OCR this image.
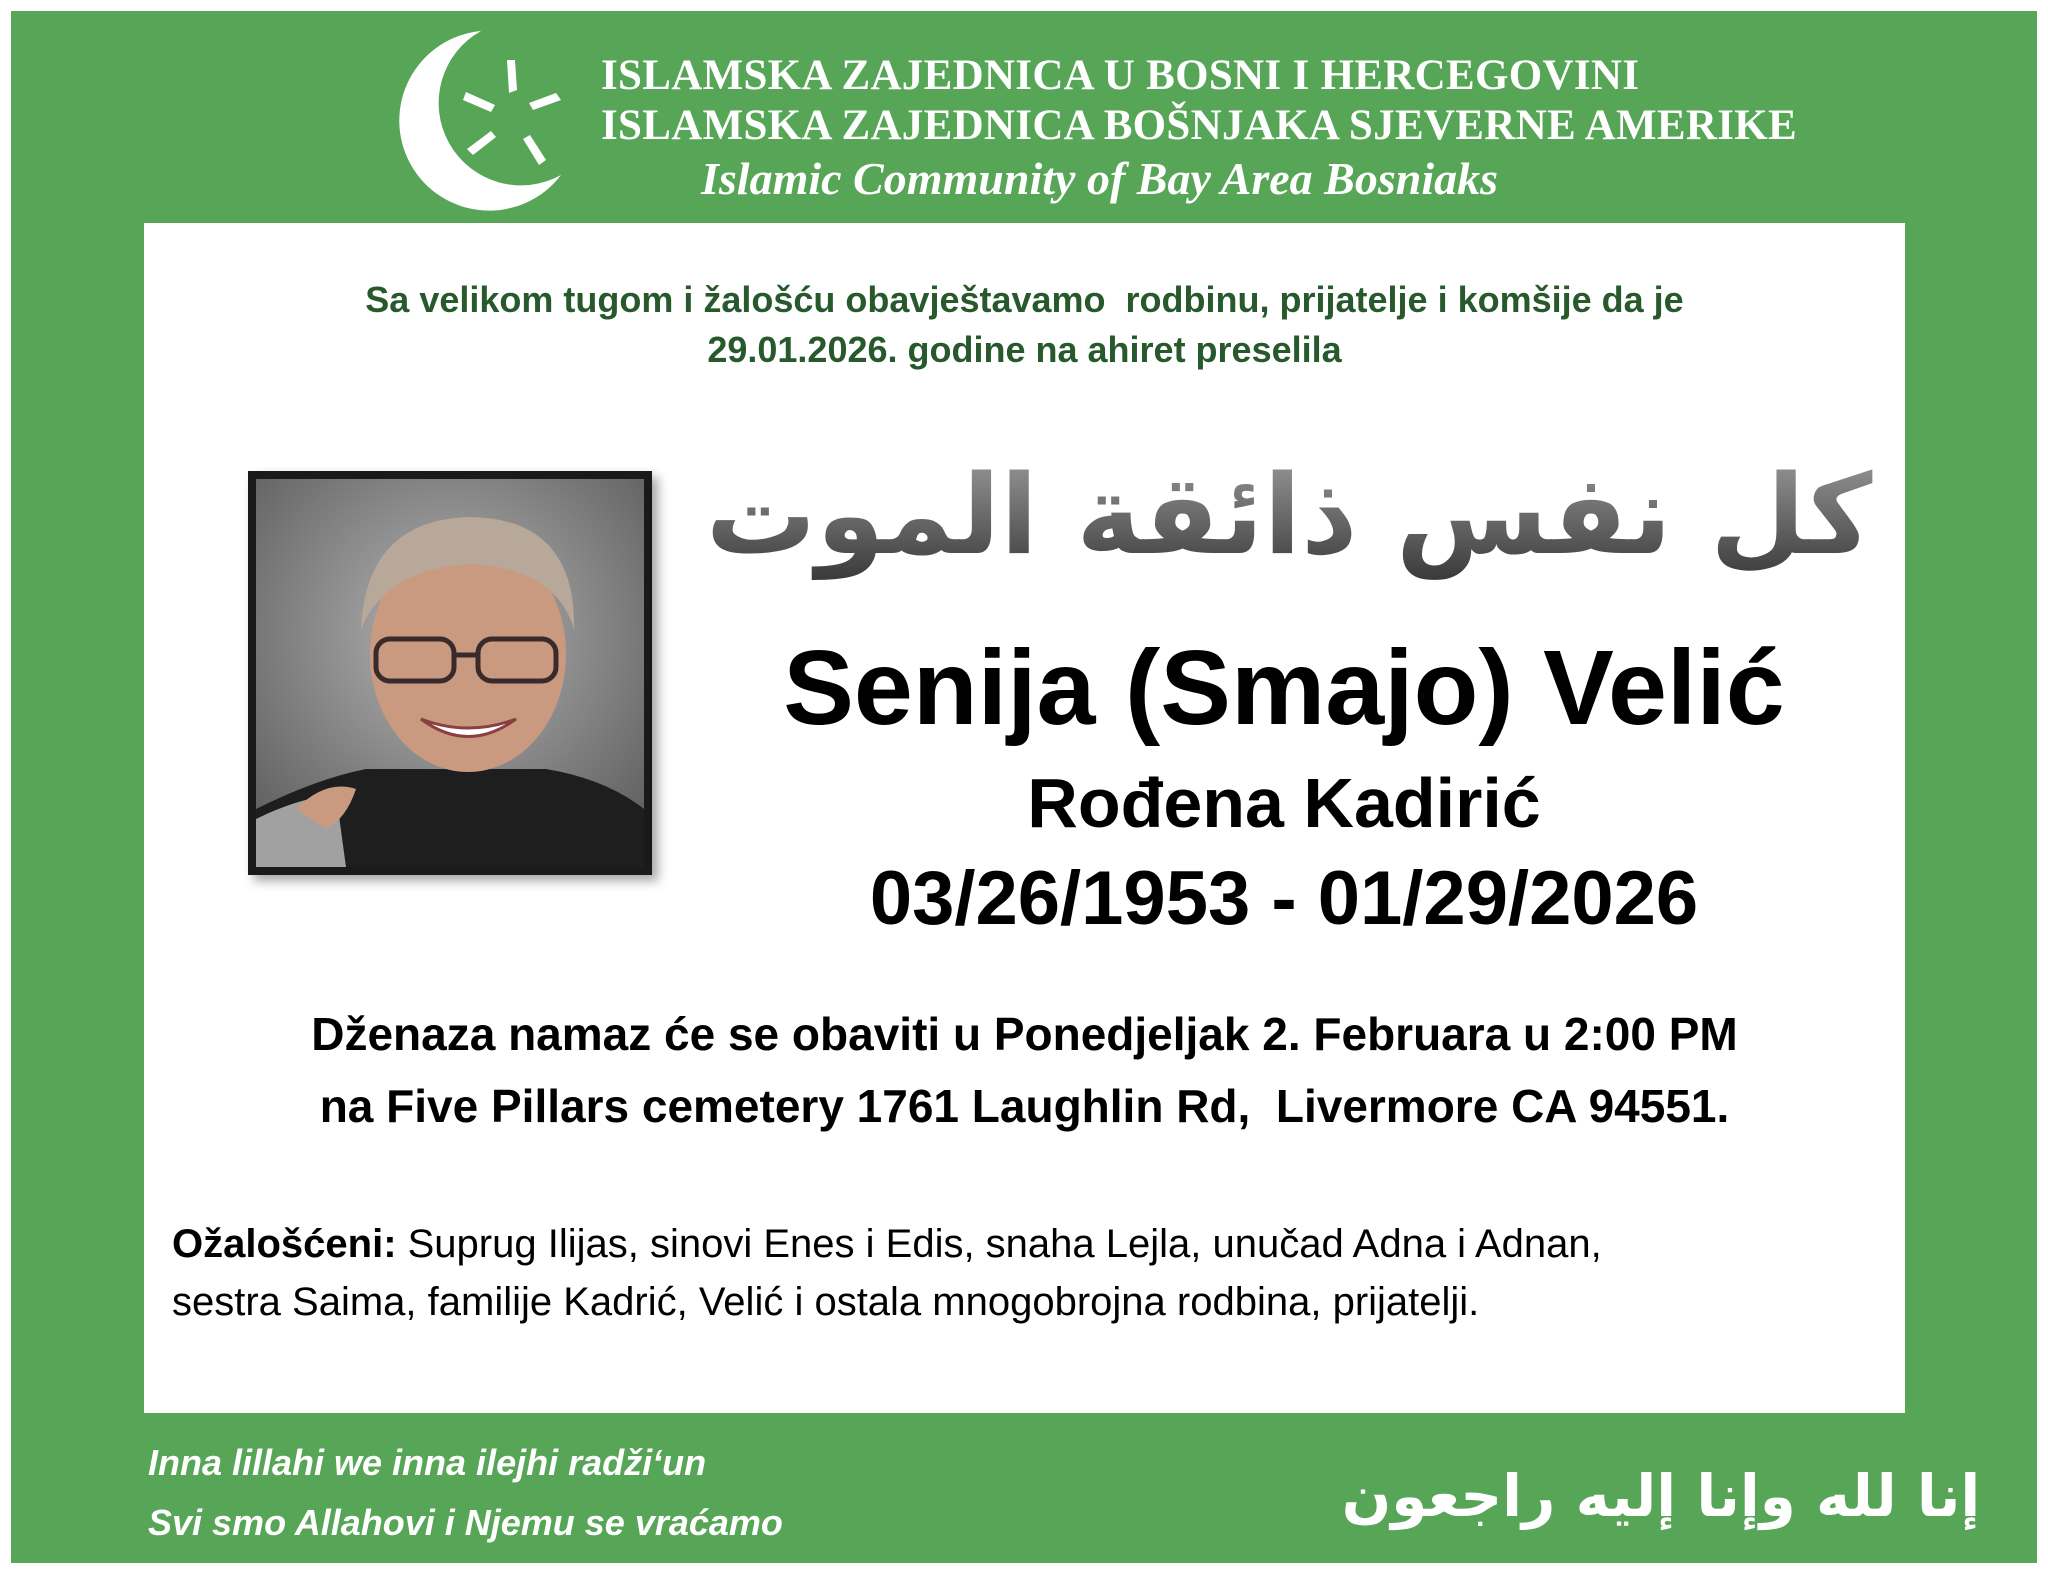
ISLAMSKA ZAJEDNICA U BOSNI I HERCEGOVINI
ISLAMSKA ZAJEDNICA BOŠNJAKA SJEVERNE AMERIKE
Islamic Community of Bay Area Bosniaks
Sa velikom tugom i žalošću obavještavamo  rodbinu, prijatelje i komšije da je
29.01.2026. godine na ahiret preselila
كل نفس ذائقة الموت
Senija (Smajo) Velić
Rođena Kadirić
03/26/1953 - 01/29/2026
Dženaza namaz će se obaviti u Ponedjeljak 2. Februara u 2:00 PM
na Five Pillars cemetery 1761 Laughlin Rd,  Livermore CA 94551.
Ožalošćeni: Suprug Ilijas, sinovi Enes i Edis, snaha Lejla, unučad Adna i Adnan,
sestra Saima, familije Kadrić, Velić i ostala mnogobrojna rodbina, prijatelji.
Inna lillahi we inna ilejhi radži‘un
Svi smo Allahovi i Njemu se vraćamo	إنا لله وإنا إليه راجعون
